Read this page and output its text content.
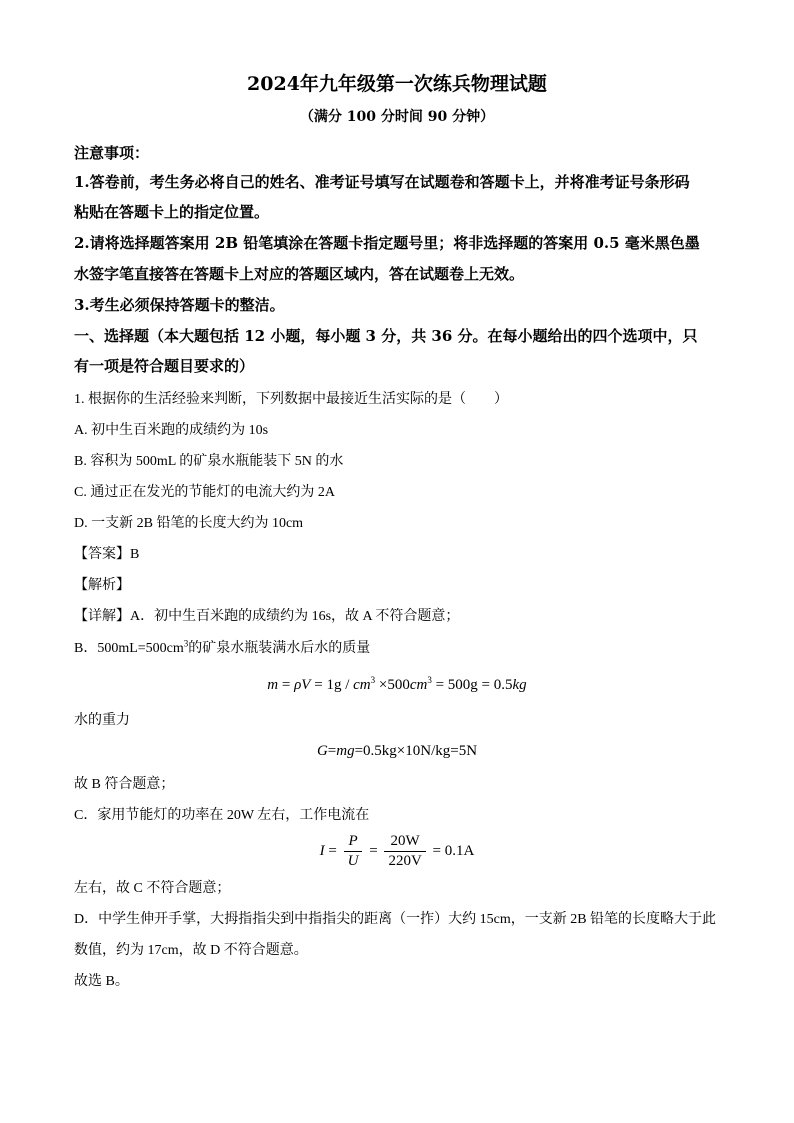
2024年九年级第一次练兵物理试题
（满分 100 分时间 90 分钟）
注意事项：
1.答卷前，考生务必将自己的姓名、准考证号填写在试题卷和答题卡上，并将准考证号条形码
粘贴在答题卡上的指定位置。
2.请将选择题答案用 2B 铅笔填涂在答题卡指定题号里；将非选择题的答案用 0.5 毫米黑色墨
水签字笔直接答在答题卡上对应的答题区域内，答在试题卷上无效。
3.考生必须保持答题卡的整洁。
一、选择题（本大题包括 12 小题，每小题 3 分，共 36 分。在每小题给出的四个选项中，只
有一项是符合题目要求的）
1. 根据你的生活经验来判断，下列数据中最接近生活实际的是（　　）
A. 初中生百米跑的成绩约为 10s
B. 容积为 500mL 的矿泉水瓶能装下 5N 的水
C. 通过正在发光的节能灯的电流大约为 2A
D. 一支新 2B 铅笔的长度大约为 10cm
【答案】B
【解析】
【详解】A．初中生百米跑的成绩约为 16s，故 A 不符合题意；
B．$500mL=500cm^3$的矿泉水瓶装满水后水的质量
$m = \rho V = 1g / cm^3 \times 500cm^3 = 500g = 0.5kg$
水的重力
G=mg=0.5kg×10N/kg=5N
故 B 符合题意；
C．家用节能灯的功率在 20W 左右，工作电流在
$I = \frac{P}{U} = \frac{20W}{220V} = 0.1A$
左右，故 C 不符合题意；
D．中学生伸开手掌，大拇指指尖到中指指尖的距离（一拃）大约 15cm，一支新 2B 铅笔的长度略大于此
数值，约为 17cm，故 D 不符合题意。
故选 B。
